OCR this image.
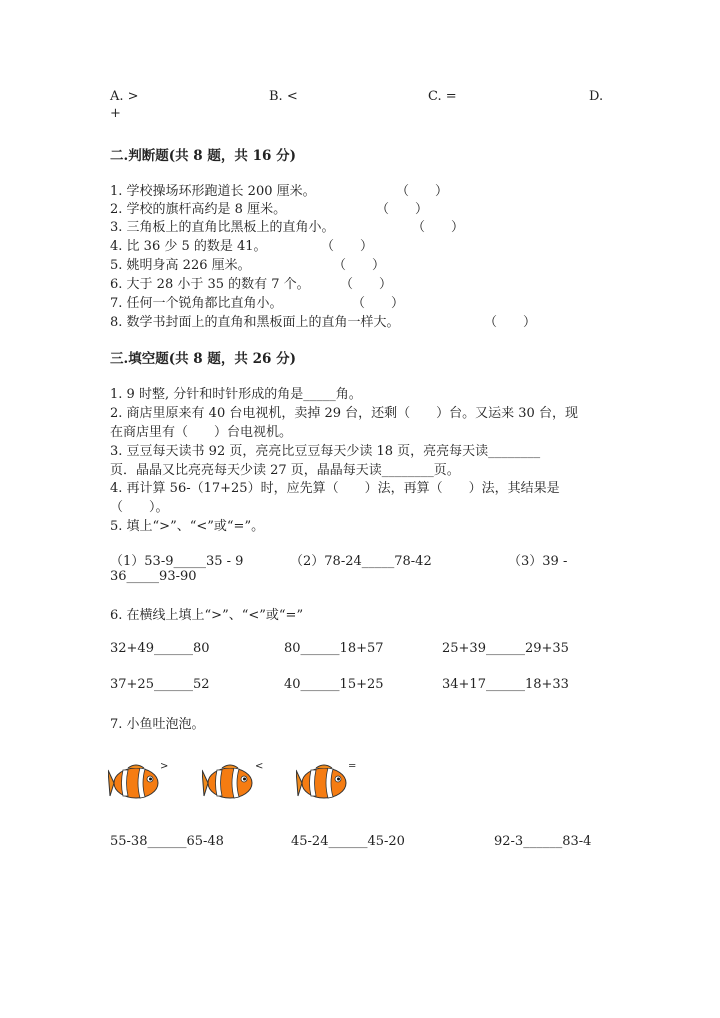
A. >	B. <	C. =	D.
+
二.判断题(共 8 题，共 16 分)
1. 学校操场环形跑道长 200 厘米。	（　　）
2. 学校的旗杆高约是 8 厘米。	（　　）
3. 三角板上的直角比黑板上的直角小。	（　　）
4. 比 36 少 5 的数是 41。	（　　）
5. 姚明身高 226 厘米。	（　　）
6. 大于 28 小于 35 的数有 7 个。 （　　）
7. 任何一个锐角都比直角小。	（　　）
8. 数学书封面上的直角和黑板面上的直角一样大。	（　　）
三.填空题(共 8 题，共 26 分)
1. 9 时整, 分针和时针形成的角是_____角。
2. 商店里原来有 40 台电视机，卖掉 29 台，还剩（　　）台。又运来 30 台，现
在商店里有（　　）台电视机。
3. 豆豆每天读书 92 页，亮亮比豆豆每天少读 18 页，亮亮每天读________
页．晶晶又比亮亮每天少读 27 页，晶晶每天读________页。
4. 再计算 56-（17+25）时，应先算（　　）法，再算（　　）法，其结果是
（　　）。
5. 填上“>”、“<”或“=”。
（1）53-9_____35 - 9	（2）78-24_____78-42	（3）39 -
36_____93-90
6. 在横线上填上“>”、“<”或“=”
32+49______80	80______18+57	25+39______29+35
37+25______52	40______15+25	34+17______18+33
7. 小鱼吐泡泡。
>	<	=
55-38______65-48	45-24______45-20	92-3______83-4
